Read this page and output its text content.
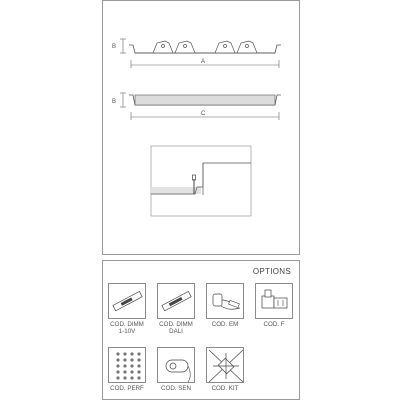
B
A
B
C
OPTIONS
COD. DIMM
1-10V
COD. DIMM
DALI
COD. EM	COD. F
COD. PERF	COD. SEN	COD. KIT
